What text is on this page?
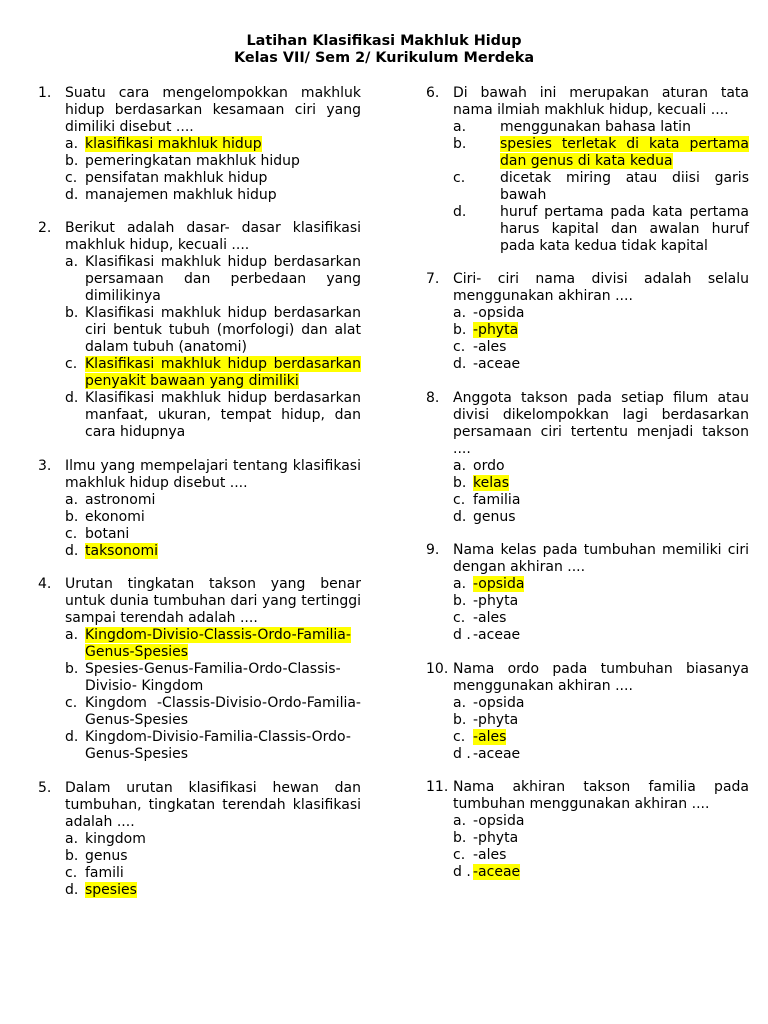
Latihan Klasifikasi Makhluk Hidup
Kelas VII/ Sem 2/ Kurikulum Merdeka
1. Suatu cara mengelompokkan makhluk hidup berdasarkan kesamaan ciri yang dimiliki disebut ....
a. klasifikasi makhluk hidup
b. pemeringkatan makhluk hidup
c. pensifatan makhluk hidup
d. manajemen makhluk hidup
2. Berikut adalah dasar- dasar klasifikasi makhluk hidup, kecuali ....
a. Klasifikasi makhluk hidup berdasarkan persamaan dan perbedaan yang dimilikinya
b. Klasifikasi makhluk hidup berdasarkan ciri bentuk tubuh (morfologi) dan alat dalam tubuh (anatomi)
c. Klasifikasi makhluk hidup berdasarkan penyakit bawaan yang dimiliki
d. Klasifikasi makhluk hidup berdasarkan manfaat, ukuran, tempat hidup, dan cara hidupnya
3. Ilmu yang mempelajari tentang klasifikasi makhluk hidup disebut ....
a. astronomi
b. ekonomi
c. botani
d. taksonomi
4. Urutan tingkatan takson yang benar untuk dunia tumbuhan dari yang tertinggi sampai terendah adalah ....
a. Kingdom-Divisio-Classis-Ordo-Familia-Genus-Spesies
b. Spesies-Genus-Familia-Ordo-Classis-Divisio- Kingdom
c. Kingdom -Classis-Divisio-Ordo-Familia-Genus-Spesies
d. Kingdom-Divisio-Familia-Classis-Ordo-Genus-Spesies
5. Dalam urutan klasifikasi hewan dan tumbuhan, tingkatan terendah klasifikasi adalah ....
a. kingdom
b. genus
c. famili
d. spesies
6. Di bawah ini merupakan aturan tata nama ilmiah makhluk hidup, kecuali ....
a. menggunakan bahasa latin
b. spesies terletak di kata pertama dan genus di kata kedua
c. dicetak miring atau diisi garis bawah
d. huruf pertama pada kata pertama harus kapital dan awalan huruf pada kata kedua tidak kapital
7. Ciri- ciri nama divisi adalah selalu menggunakan akhiran ....
a. -opsida
b. -phyta
c. -ales
d. -aceae
8. Anggota takson pada setiap filum atau divisi dikelompokkan lagi berdasarkan persamaan ciri tertentu menjadi takson ....
a. ordo
b. kelas
c. familia
d. genus
9. Nama kelas pada tumbuhan memiliki ciri dengan akhiran ....
a. -opsida
b. -phyta
c. -ales
d . -aceae
10. Nama ordo pada tumbuhan biasanya menggunakan akhiran ....
a. -opsida
b. -phyta
c. -ales
d . -aceae
11. Nama akhiran takson familia pada tumbuhan menggunakan akhiran ....
a. -opsida
b. -phyta
c. -ales
d . -aceae
